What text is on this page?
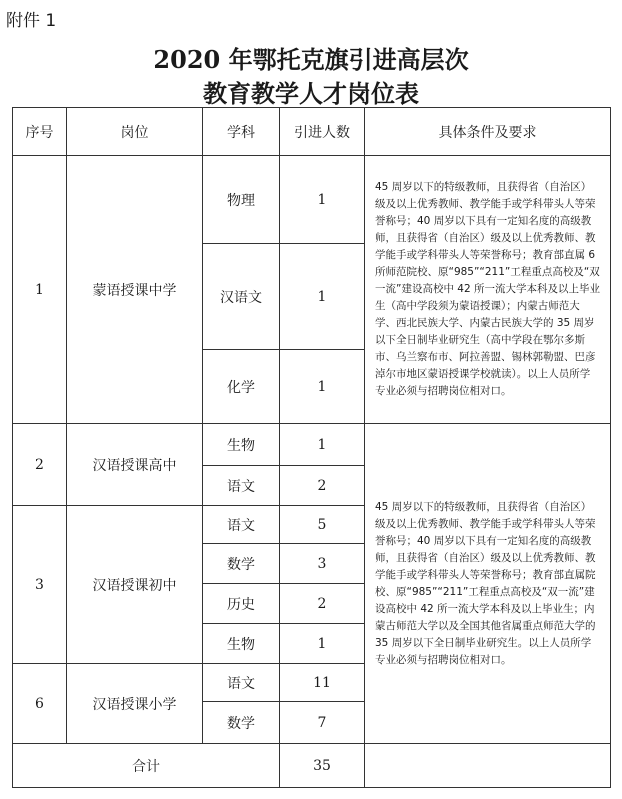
附件 1
2020 年鄂托克旗引进高层次
教育教学人才岗位表
序号	岗位	学科	引进人数	具体条件及要求
1	蒙语授课中学	物理	1	45 周岁以下的特级教师，且获得省（自治区）级及以上优秀教师、教学能手或学科带头人等荣誉称号；40 周岁以下具有一定知名度的高级教师，且获得省（自治区）级及以上优秀教师、教学能手或学科带头人等荣誉称号；教育部直属 6 所师范院校、原“985”“211”工程重点高校及“双一流”建设高校中 42 所一流大学本科及以上毕业生（高中学段须为蒙语授课）；内蒙古师范大学、西北民族大学、内蒙古民族大学的 35 周岁以下全日制毕业研究生（高中学段在鄂尔多斯市、乌兰察布市、阿拉善盟、锡林郭勒盟、巴彦淖尔市地区蒙语授课学校就读）。以上人员所学专业必须与招聘岗位相对口。
		汉语文	1	
		化学	1	
2	汉语授课高中	生物	1	45 周岁以下的特级教师，且获得省（自治区）级及以上优秀教师、教学能手或学科带头人等荣誉称号；40 周岁以下具有一定知名度的高级教师，且获得省（自治区）级及以上优秀教师、教学能手或学科带头人等荣誉称号；教育部直属院校、原“985”“211”工程重点高校及“双一流”建设高校中 42 所一流大学本科及以上毕业生；内蒙古师范大学以及全国其他省属重点师范大学的 35 周岁以下全日制毕业研究生。以上人员所学专业必须与招聘岗位相对口。
		语文	2	
3	汉语授课初中	语文	5	
		数学	3	
		历史	2	
		生物	1	
6	汉语授课小学	语文	11	
		数学	7	
合计			35	
